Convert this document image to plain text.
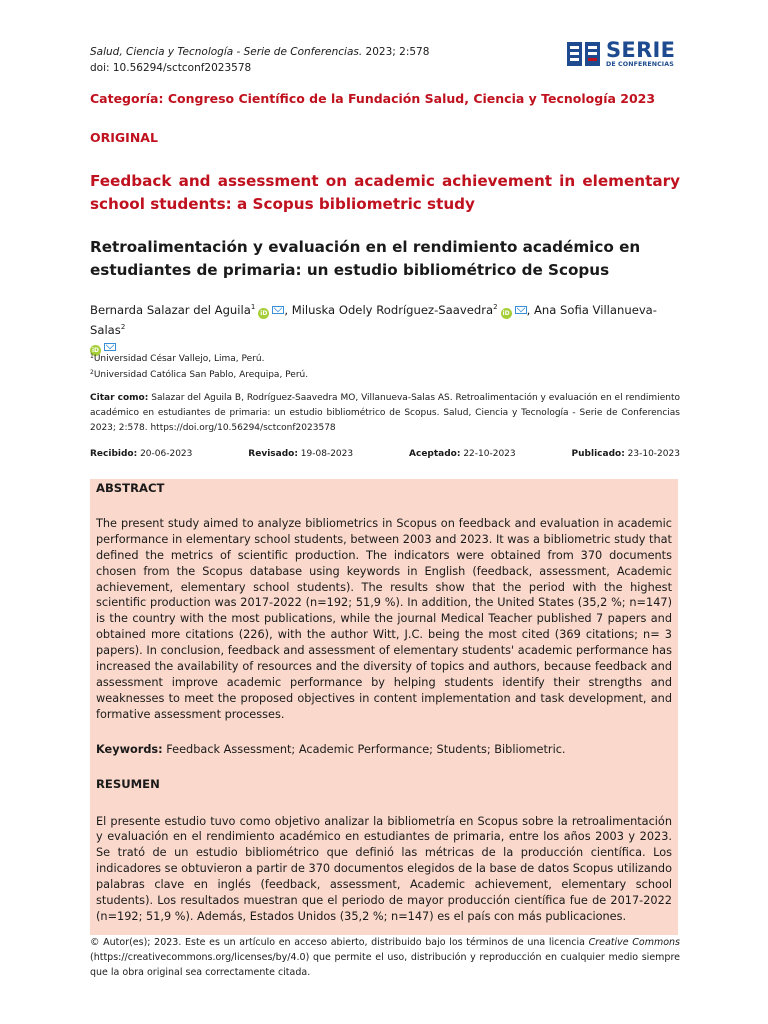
Salud, Ciencia y Tecnología - Serie de Conferencias. 2023; 2:578
doi: 10.56294/sctconf2023578
SERIE
DE CONFERENCIAS
Categoría: Congreso Científico de la Fundación Salud, Ciencia y Tecnología 2023
ORIGINAL
Feedback and assessment on academic achievement in elementary school students: a Scopus bibliometric study
Retroalimentación y evaluación en el rendimiento académico en estudiantes de primaria: un estudio bibliométrico de Scopus
Bernarda Salazar del Aguila$^1$iD , Miluska Odely Rodríguez-Saavedra$^2$iD , Ana Sofia Villanueva-Salas$^2$
iD
$^1$Universidad César Vallejo, Lima, Perú.
$^2$Universidad Católica San Pablo, Arequipa, Perú.
Citar como: Salazar del Aguila B, Rodríguez-Saavedra MO, Villanueva-Salas AS. Retroalimentación y evaluación en el rendimiento académico en estudiantes de primaria: un estudio bibliométrico de Scopus. Salud, Ciencia y Tecnología - Serie de Conferencias 2023; 2:578. https://doi.org/10.56294/sctconf2023578
Recibido: 20-06-2023	Revisado: 19-08-2023	Aceptado: 22-10-2023	Publicado: 23-10-2023
ABSTRACT

The present study aimed to analyze bibliometrics in Scopus on feedback and evaluation in academic performance in elementary school students, between 2003 and 2023. It was a bibliometric study that defined the metrics of scientific production. The indicators were obtained from 370 documents chosen from the Scopus database using keywords in English (feedback, assessment, Academic achievement, elementary school students). The results show that the period with the highest scientific production was 2017-2022 (n=192; 51,9 %). In addition, the United States (35,2 %; n=147) is the country with the most publications, while the journal Medical Teacher published 7 papers and obtained more citations (226), with the author Witt, J.C. being the most cited (369 citations; n= 3 papers). In conclusion, feedback and assessment of elementary students' academic performance has increased the availability of resources and the diversity of topics and authors, because feedback and assessment improve academic performance by helping students identify their strengths and weaknesses to meet the proposed objectives in content implementation and task development, and formative assessment processes.

Keywords: Feedback Assessment; Academic Performance; Students; Bibliometric.

RESUMEN

El presente estudio tuvo como objetivo analizar la bibliometría en Scopus sobre la retroalimentación y evaluación en el rendimiento académico en estudiantes de primaria, entre los años 2003 y 2023. Se trató de un estudio bibliométrico que definió las métricas de la producción científica. Los indicadores se obtuvieron a partir de 370 documentos elegidos de la base de datos Scopus utilizando palabras clave en inglés (feedback, assessment, Academic achievement, elementary school students). Los resultados muestran que el periodo de mayor producción científica fue de 2017-2022 (n=192; 51,9 %). Además, Estados Unidos (35,2 %; n=147) es el país con más publicaciones.

© Autor(es); 2023. Este es un artículo en acceso abierto, distribuido bajo los términos de una licencia Creative Commons (https://creativecommons.org/licenses/by/4.0) que permite el uso, distribución y reproducción en cualquier medio siempre que la obra original sea correctamente citada.
